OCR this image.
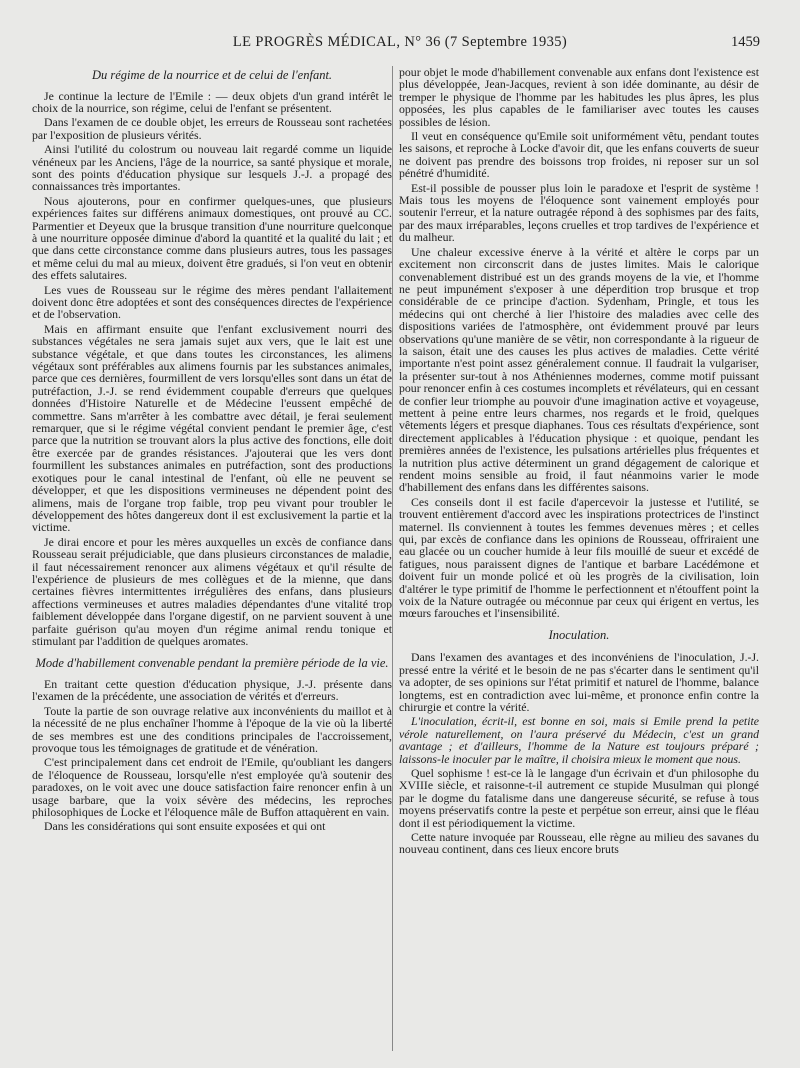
LE PROGRÈS MÉDICAL, N° 36 (7 Septembre 1935)	1459
Du régime de la nourrice et de celui de l'enfant.

Je continue la lecture de l'Emile : — deux objets d'un grand intérêt le choix de la nourrice, son régime, celui de l'enfant se présentent.

Dans l'examen de ce double objet, les erreurs de Rousseau sont rachetées par l'exposition de plusieurs vérités.

Ainsi l'utilité du colostrum ou nouveau lait regardé comme un liquide vénéneux par les Anciens, l'âge de la nourrice, sa santé physique et morale, sont des points d'éducation physique sur lesquels J.-J. a propagé des connaissances très importantes.

Nous ajouterons, pour en confirmer quelques-unes, que plusieurs expériences faites sur différens animaux domestiques, ont prouvé au CC. Parmentier et Deyeux que la brusque transition d'une nourriture quelconque à une nourriture opposée diminue d'abord la quantité et la qualité du lait ; et que dans cette circonstance comme dans plusieurs autres, tous les passages et même celui du mal au mieux, doivent être gradués, si l'on veut en obtenir des effets salutaires.

Les vues de Rousseau sur le régime des mères pendant l'allaitement doivent donc être adoptées et sont des conséquences directes de l'expérience et de l'observation.

Mais en affirmant ensuite que l'enfant exclusivement nourri des substances végétales ne sera jamais sujet aux vers, que le lait est une substance végétale, et que dans toutes les circonstances, les alimens végétaux sont préférables aux alimens fournis par les substances animales, parce que ces dernières, fourmillent de vers lorsqu'elles sont dans un état de putréfaction, J.-J. se rend évidemment coupable d'erreurs que quelques données d'Histoire Naturelle et de Médecine l'eussent empêché de commettre. Sans m'arrêter à les combattre avec détail, je ferai seulement remarquer, que si le régime végétal convient pendant le premier âge, c'est parce que la nutrition se trouvant alors la plus active des fonctions, elle doit être exercée par de grandes résistances. J'ajouterai que les vers dont fourmillent les substances animales en putréfaction, sont des productions exotiques pour le canal intestinal de l'enfant, où elle ne peuvent se développer, et que les dispositions vermineuses ne dépendent point des alimens, mais de l'organe trop faible, trop peu vivant pour troubler le développement des hôtes dangereux dont il est exclusivement la partie et la victime.

Je dirai encore et pour les mères auxquelles un excès de confiance dans Rousseau serait préjudiciable, que dans plusieurs circonstances de maladie, il faut nécessairement renoncer aux alimens végétaux et qu'il résulte de l'expérience de plusieurs de mes collègues et de la mienne, que dans certaines fièvres intermittentes irrégulières des enfans, dans plusieurs affections vermineuses et autres maladies dépendantes d'une vitalité trop faiblement développée dans l'organe digestif, on ne parvient souvent à une parfaite guérison qu'au moyen d'un régime animal rendu tonique et stimulant par l'addition de quelques aromates.

Mode d'habillement convenable pendant la première période de la vie.

En traitant cette question d'éducation physique, J.-J. présente dans l'examen de la précédente, une association de vérités et d'erreurs.

Toute la partie de son ouvrage relative aux inconvénients du maillot et à la nécessité de ne plus enchaîner l'homme à l'époque de la vie où la liberté de ses membres est une des conditions principales de l'accroissement, provoque tous les témoignages de gratitude et de vénération.

C'est principalement dans cet endroit de l'Emile, qu'oubliant les dangers de l'éloquence de Rousseau, lorsqu'elle n'est employée qu'à soutenir des paradoxes, on le voit avec une douce satisfaction faire renoncer enfin à un usage barbare, que la voix sévère des médecins, les reproches philosophiques de Locke et l'éloquence mâle de Buffon attaquèrent en vain.

Dans les considérations qui sont ensuite exposées et qui ont

pour objet le mode d'habillement convenable aux enfans dont l'existence est plus développée, Jean-Jacques, revient à son idée dominante, au désir de tremper le physique de l'homme par les habitudes les plus âpres, les plus opposées, les plus capables de le familiariser avec toutes les causes possibles de lésion.

Il veut en conséquence qu'Emile soit uniformément vêtu, pendant toutes les saisons, et reproche à Locke d'avoir dit, que les enfans couverts de sueur ne doivent pas prendre des boissons trop froides, ni reposer sur un sol pénétré d'humidité.

Est-il possible de pousser plus loin le paradoxe et l'esprit de système ! Mais tous les moyens de l'éloquence sont vainement employés pour soutenir l'erreur, et la nature outragée répond à des sophismes par des faits, par des maux irréparables, leçons cruelles et trop tardives de l'expérience et du malheur.

Une chaleur excessive énerve à la vérité et altère le corps par un excitement non circonscrit dans de justes limites. Mais le calorique convenablement distribué est un des grands moyens de la vie, et l'homme ne peut impunément s'exposer à une déperdition trop brusque et trop considérable de ce principe d'action. Sydenham, Pringle, et tous les médecins qui ont cherché à lier l'histoire des maladies avec celle des dispositions variées de l'atmosphère, ont évidemment prouvé par leurs observations qu'une manière de se vêtir, non correspondante à la rigueur de la saison, était une des causes les plus actives de maladies. Cette vérité importante n'est point assez généralement connue. Il faudrait la vulgariser, la présenter sur-tout à nos Athéniennes modernes, comme motif puissant pour renoncer enfin à ces costumes incomplets et révélateurs, qui en cessant de confier leur triomphe au pouvoir d'une imagination active et voyageuse, mettent à peine entre leurs charmes, nos regards et le froid, quelques vêtements légers et presque diaphanes. Tous ces résultats d'expérience, sont directement applicables à l'éducation physique : et quoique, pendant les premières années de l'existence, les pulsations artérielles plus fréquentes et la nutrition plus active déterminent un grand dégagement de calorique et rendent moins sensible au froid, il faut néanmoins varier le mode d'habillement des enfans dans les différentes saisons.

Ces conseils dont il est facile d'apercevoir la justesse et l'utilité, se trouvent entièrement d'accord avec les inspirations protectrices de l'instinct maternel. Ils conviennent à toutes les femmes devenues mères ; et celles qui, par excès de confiance dans les opinions de Rousseau, offriraient une eau glacée ou un coucher humide à leur fils mouillé de sueur et excédé de fatigues, nous paraissent dignes de l'antique et barbare Lacédémone et doivent fuir un monde policé et où les progrès de la civilisation, loin d'altérer le type primitif de l'homme le perfectionnent et n'étouffent point la voix de la Nature outragée ou méconnue par ceux qui érigent en vertus, les mœurs farouches et l'insensibilité.

Inoculation.

Dans l'examen des avantages et des inconvéniens de l'inoculation, J.-J. pressé entre la vérité et le besoin de ne pas s'écarter dans le sentiment qu'il va adopter, de ses opinions sur l'état primitif et naturel de l'homme, balance longtems, est en contradiction avec lui-même, et prononce enfin contre la chirurgie et contre la vérité.

L'inoculation, écrit-il, est bonne en soi, mais si Emile prend la petite vérole naturellement, on l'aura préservé du Médecin, c'est un grand avantage ; et d'ailleurs, l'homme de la Nature est toujours préparé ; laissons-le inoculer par le maître, il choisira mieux le moment que nous.

Quel sophisme ! est-ce là le langage d'un écrivain et d'un philosophe du XVIIIe siècle, et raisonne-t-il autrement ce stupide Musulman qui plongé par le dogme du fatalisme dans une dangereuse sécurité, se refuse à tous moyens préservatifs contre la peste et perpétue son erreur, ainsi que le fléau dont il est périodiquement la victime.

Cette nature invoquée par Rousseau, elle règne au milieu des savanes du nouveau continent, dans ces lieux encore bruts
